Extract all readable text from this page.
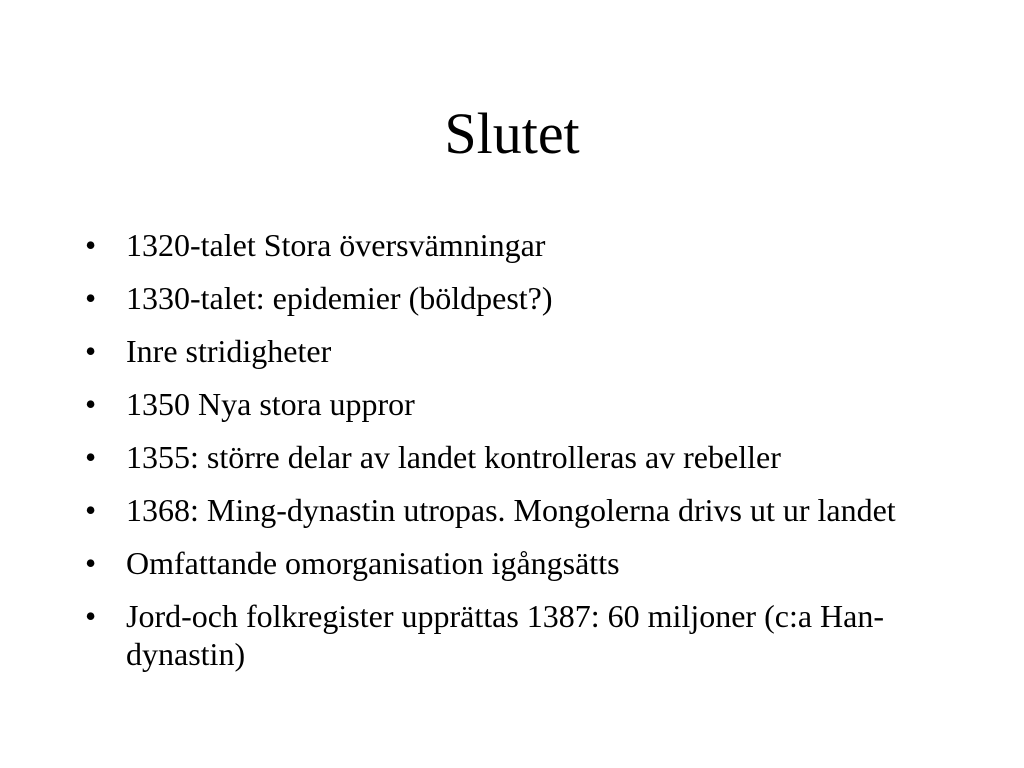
Slutet
• 1320-talet Stora översvämningar
• 1330-talet: epidemier (böldpest?)
• Inre stridigheter
• 1350 Nya stora uppror
• 1355: större delar av landet kontrolleras av rebeller
• 1368: Ming-dynastin utropas. Mongolerna drivs ut ur landet
• Omfattande omorganisation igångsätts
• Jord-och folkregister upprättas 1387: 60 miljoner (c:a Han-dynastin)
